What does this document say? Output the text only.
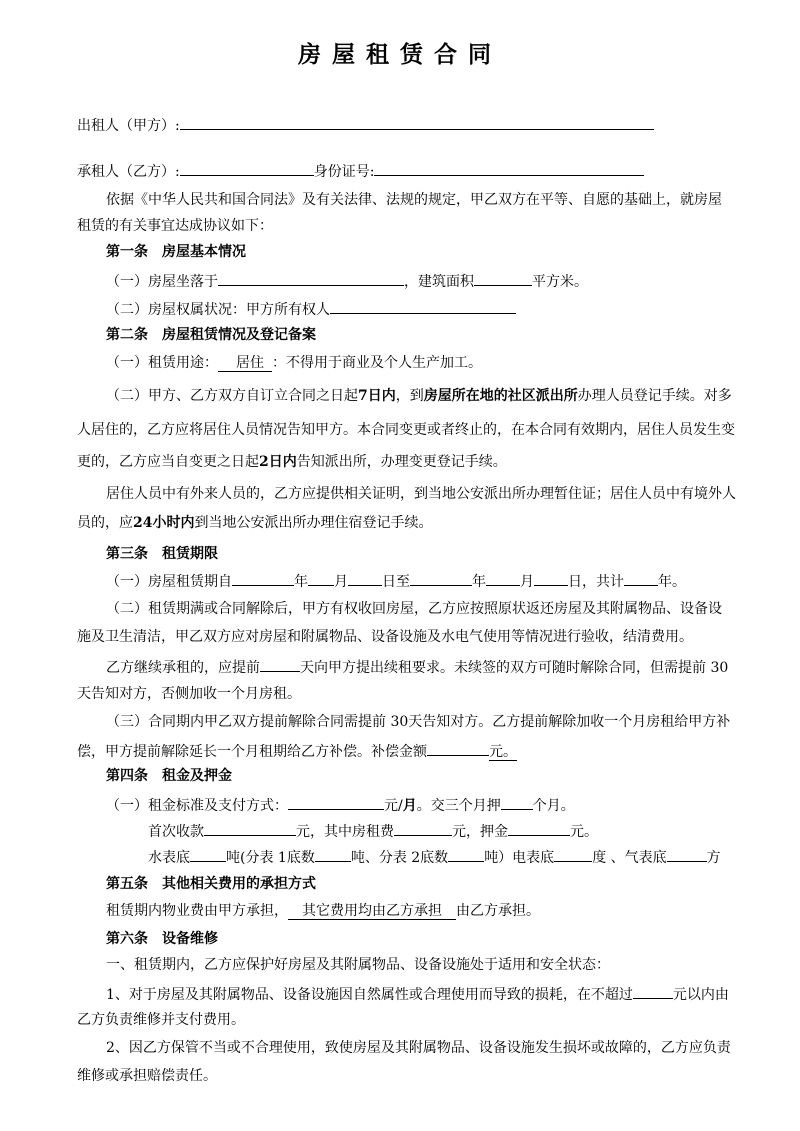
房屋租赁合同
出租人（甲方）:
承租人（乙方）:	身份证号:
依据《中华人民共和国合同法》及有关法律、法规的规定，甲乙双方在平等、自愿的基础上，就房屋
租赁的有关事宜达成协议如下：
第一条　房屋基本情况
（一）房屋坐落于	，建筑面积	平方米。
（二）房屋权属状况：甲方所有权人
第二条　房屋租赁情况及登记备案
（一）租赁用途： 居住 ：不得用于商业及个人生产加工。
（二）甲方、乙方双方自订立合同之日起7日内，到房屋所在地的社区派出所办理人员登记手续。对多
人居住的，乙方应将居住人员情况告知甲方。本合同变更或者终止的，在本合同有效期内，居住人员发生变
更的，乙方应当自变更之日起2日内告知派出所，办理变更登记手续。
居住人员中有外来人员的，乙方应提供相关证明，到当地公安派出所办理暂住证；居住人员中有境外人
员的，应24小时内到当地公安派出所办理住宿登记手续。
第三条　租赁期限
（一）房屋租赁期自	年 月 日至	年 月 日，共计 年。
（二）租赁期满或合同解除后，甲方有权收回房屋，乙方应按照原状返还房屋及其附属物品、设备设
施及卫生清洁，甲乙双方应对房屋和附属物品、设备设施及水电气使用等情况进行验收，结清费用。
乙方继续承租的，应提前	天向甲方提出续租要求。未续签的双方可随时解除合同，但需提前 30
天告知对方，否侧加收一个月房租。
（三）合同期内甲乙双方提前解除合同需提前 30天告知对方。乙方提前解除加收一个月房租给甲方补
偿，甲方提前解除延长一个月租期给乙方补偿。补偿金额	元。
第四条　租金及押金
（一）租金标准及支付方式：	元/月。交三个月押 个月。
首次收款	元，其中房租费	元，押金	元。
水表底	吨(分表 1底数	吨、分表 2底数	吨）电表底	度 、气表底	方
第五条　其他相关费用的承担方式
租赁期内物业费由甲方承担， 其它费用均由乙方承担 由乙方承担。
第六条　设备维修
一、租赁期内，乙方应保护好房屋及其附属物品、设备设施处于适用和安全状态：
1、对于房屋及其附属物品、设备设施因自然属性或合理使用而导致的损耗，在不超过	元以内由
乙方负责维修并支付费用。
2、因乙方保管不当或不合理使用，致使房屋及其附属物品、设备设施发生损坏或故障的，乙方应负责
维修或承担赔偿责任。
